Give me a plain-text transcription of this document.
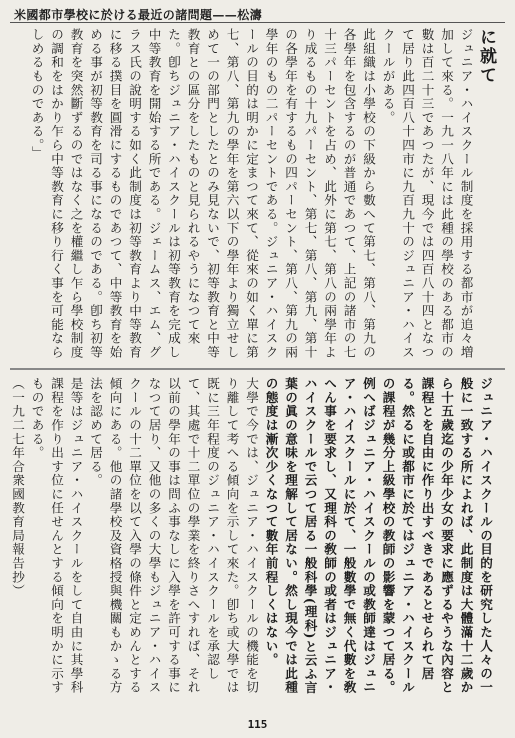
米國都市學校に於ける最近の諸問題——松濤

に就て

ジュニア・ハイスクール制度を採用する都市が追々増加して來る。一九一八年には此種の學校のある都市の數は百二十三であつたが、現今では四百八十四となつて居り此四百八十四市に九百九十のジュニア・ハイスクールがある。

此組織は小學校の下級から數へて第七、第八、第九の各學年を包含するのが普通であつて、上記の諸市の七十三パーセントを占め、此外に第七、第八の兩學年より成るもの十九パーセント、第七、第八、第九、第十の各學年を有するもの四パーセント、第八、第九の兩學年のもの二パーセントである。ジュニア・ハイスクールの目的は明かに定まつて來て、從來の如く單に第七、第八、第九の學年を第六以下の學年より獨立せしめて一の部門としたとのみ見ないで、初等教育と中等教育との區分をしたものと見られるやうになつて來た。卽ちジュニア・ハイスクールは初等教育を完成し中等教育を開始する所である。ジェームス、エム、グラス氏の說明する如く此制度は初等教育より中等教育に移る撲目を圓滑にするものであつて、中等教育を始める事が初等教育を司る事になるのである。卽ち初等教育を突然斷ずるのではなく之を權繼し乍ら學校制度の調和をはかり乍ら中等教育に移り行く事を可能ならしめるものである。」

ジュニア・ハイスクールの目的を研究した人々の一般に一致する所によれば、此制度は大體滿十二歲から十五歲迄の少年少女の要求に應ずるやうな內容と課程とを自由に作り出すべきであるとせられて居る。然るに或都市に於てはジュニア・ハイスクールの課程が幾分上級學校の教師の影響を蒙つて居る。例へばジュニア・ハイスクールの或教師達はジュニア・ハイスクールに於て、一般數學で無く代數を敎へん事を要求し、又理科の敎師の或者はジュニア・ハイスクールで云つて居る一般科學(理科)と云ふ言葉の眞の意味を理解して居ない。然し現今では此種の態度は漸次少くなつて數年前程しくはない。

大學で今では、ジュニア・ハイスクールの機能を切り離して考へる傾向を示して來た。卽ち或大學では既に三年程度のジュニア・ハイスクールを承認して、其處で十二單位の學業を終りさへすれば、それ以前の學年の事は問ふ事なしに入學を許可する事になつて居り、又他の多くの大學もジュニア・ハイスクールの十二單位を以て入學の條件と定めんとする傾向にある。他の諸學校及資格授與機關もかゝる方法を認めて居る。

是等はジュニア・ハイスクールをして自由に其學科課程を作り出す位に任せんとする傾向を明かに示すものである。

（一九二七年合衆國教育局報告抄）

115
